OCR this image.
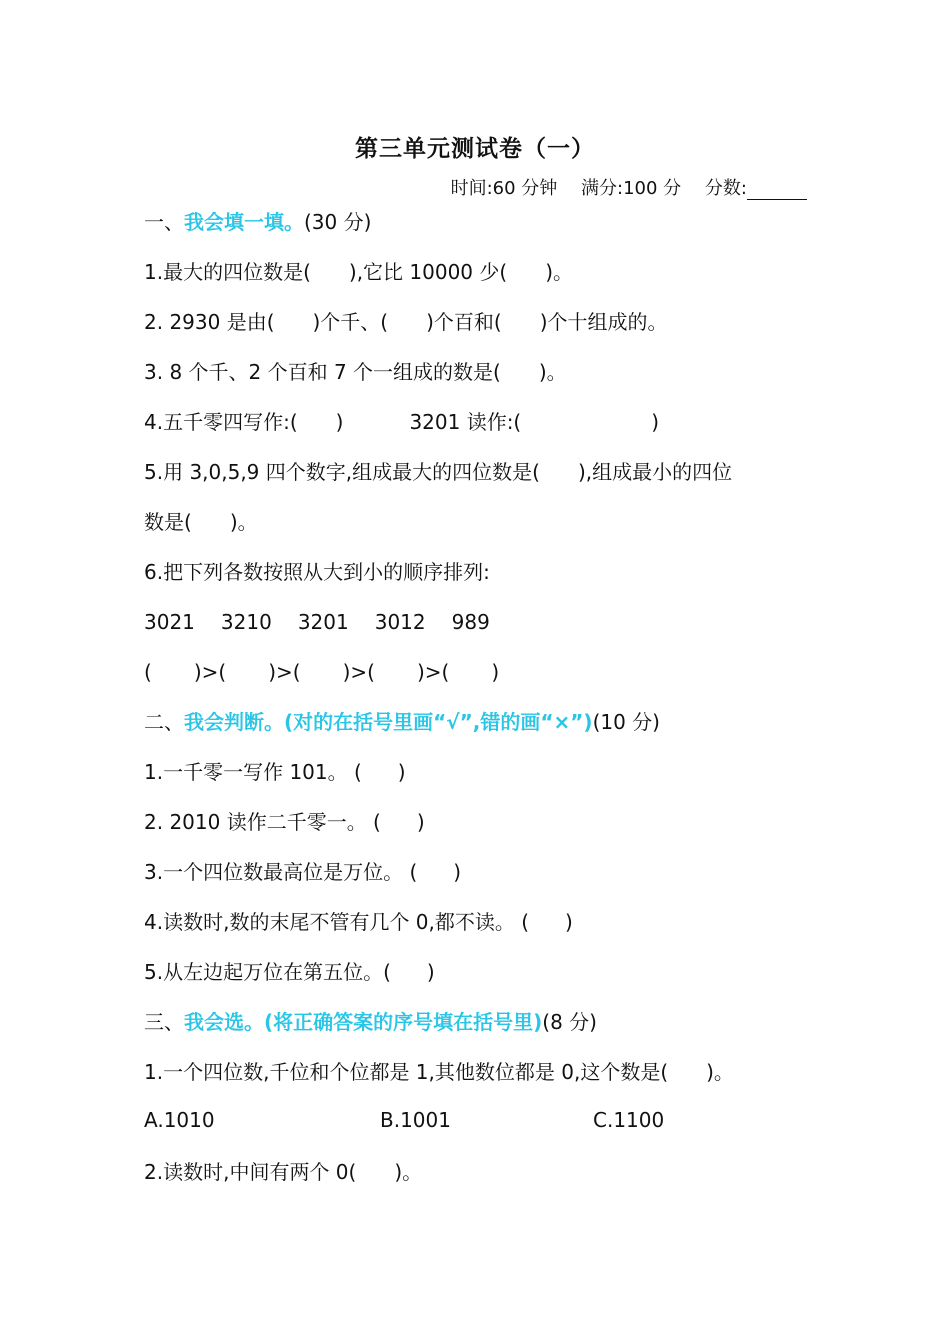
第三单元测试卷（一）
时间:60 分钟 满分:100 分 分数:
一、我会填一填。(30 分)
1.最大的四位数是( ),它比 10000 少( )。
2. 2930 是由( )个千、( )个百和( )个十组成的。
3. 8 个千、2 个百和 7 个一组成的数是( )。
4.五千零四写作:( )	3201 读作:(	)
5.用 3,0,5,9 四个数字,组成最大的四位数是( ),组成最小的四位
数是( )。
6.把下列各数按照从大到小的顺序排列:
3021 3210 3201 3012 989
( )>( )>( )>( )>( )
二、我会判断。(对的在括号里画“√”,错的画“×”)(10 分)
1.一千零一写作 101。 ( )
2. 2010 读作二千零一。 ( )
3.一个四位数最高位是万位。 ( )
4.读数时,数的末尾不管有几个 0,都不读。 ( )
5.从左边起万位在第五位。( )
三、我会选。(将正确答案的序号填在括号里)(8 分)
1.一个四位数,千位和个位都是 1,其他数位都是 0,这个数是( )。
A.1010	B.1001	C.1100
2.读数时,中间有两个 0( )。
